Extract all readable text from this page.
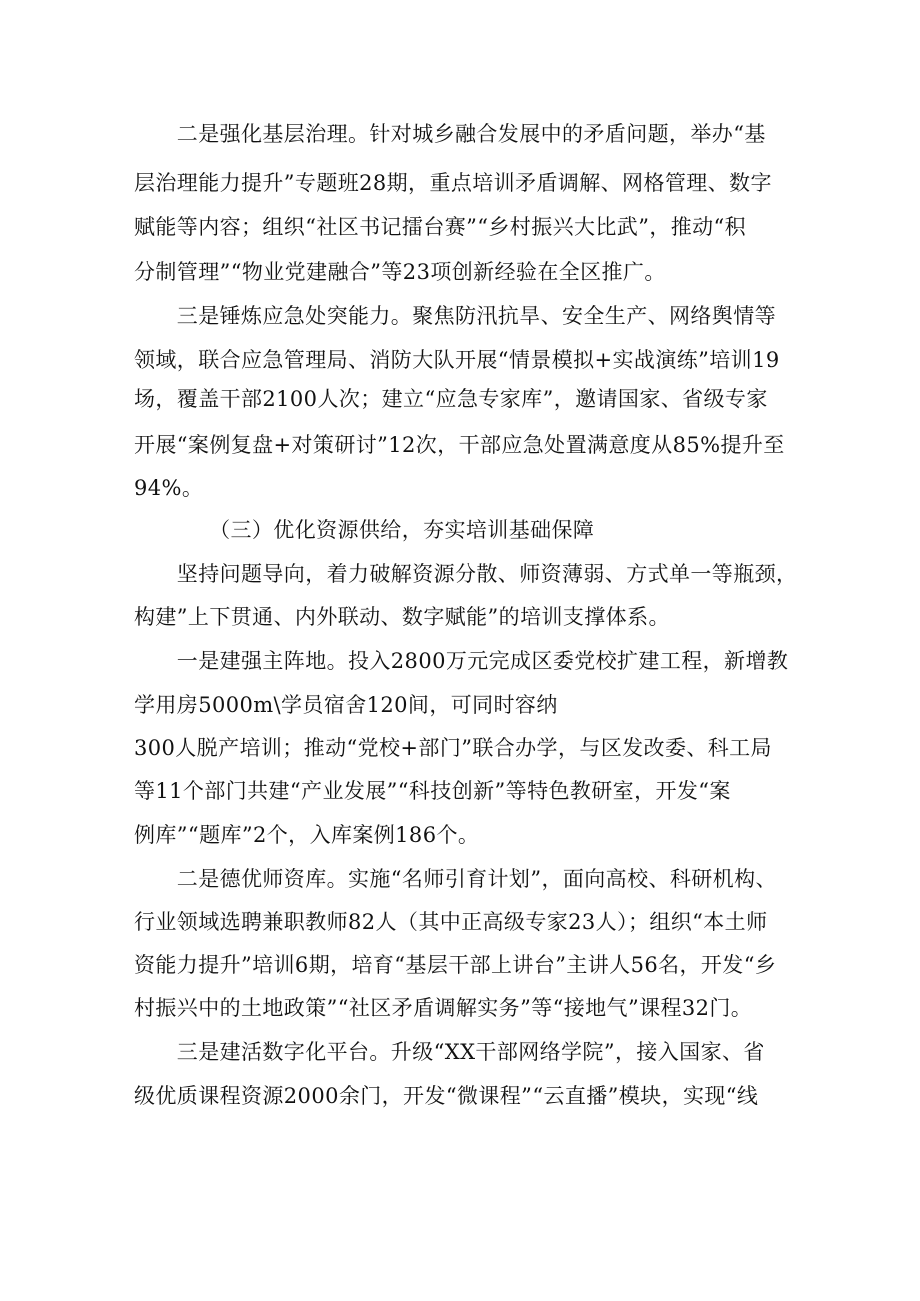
　　二是强化基层治理。针对城乡融合发展中的矛盾问题，举办“基
层治理能力提升”专题班28期，重点培训矛盾调解、网格管理、数字
赋能等内容；组织“社区书记擂台赛”“乡村振兴大比武”，推动“积
分制管理”“物业党建融合”等23项创新经验在全区推广。
　　三是锤炼应急处突能力。聚焦防汛抗旱、安全生产、网络舆情等
领域，联合应急管理局、消防大队开展“情景模拟+实战演练”培训19
场，覆盖干部2100人次；建立“应急专家库”，邀请国家、省级专家
开展“案例复盘+对策研讨”12次，干部应急处置满意度从85%提升至
94%。
　　　　（三）优化资源供给，夯实培训基础保障
　　坚持问题导向，着力破解资源分散、师资薄弱、方式单一等瓶颈，
构建”上下贯通、内外联动、数字赋能”的培训支撑体系。
　　一是建强主阵地。投入2800万元完成区委党校扩建工程，新增教
学用房5000m\学员宿舍120间，可同时容纳
300人脱产培训；推动“党校+部门”联合办学，与区发改委、科工局
等11个部门共建“产业发展”“科技创新”等特色教研室，开发“案
例库”“题库”2个，入库案例186个。
　　二是德优师资库。实施“名师引育计划”，面向高校、科研机构、
行业领域选聘兼职教师82人（其中正高级专家23人）；组织“本土师
资能力提升”培训6期，培育“基层干部上讲台”主讲人56名，开发“乡
村振兴中的土地政策”“社区矛盾调解实务”等“接地气”课程32门。
　　三是建活数字化平台。升级“XX干部网络学院”，接入国家、省
级优质课程资源2000余门，开发“微课程”“云直播”模块，实现“线
